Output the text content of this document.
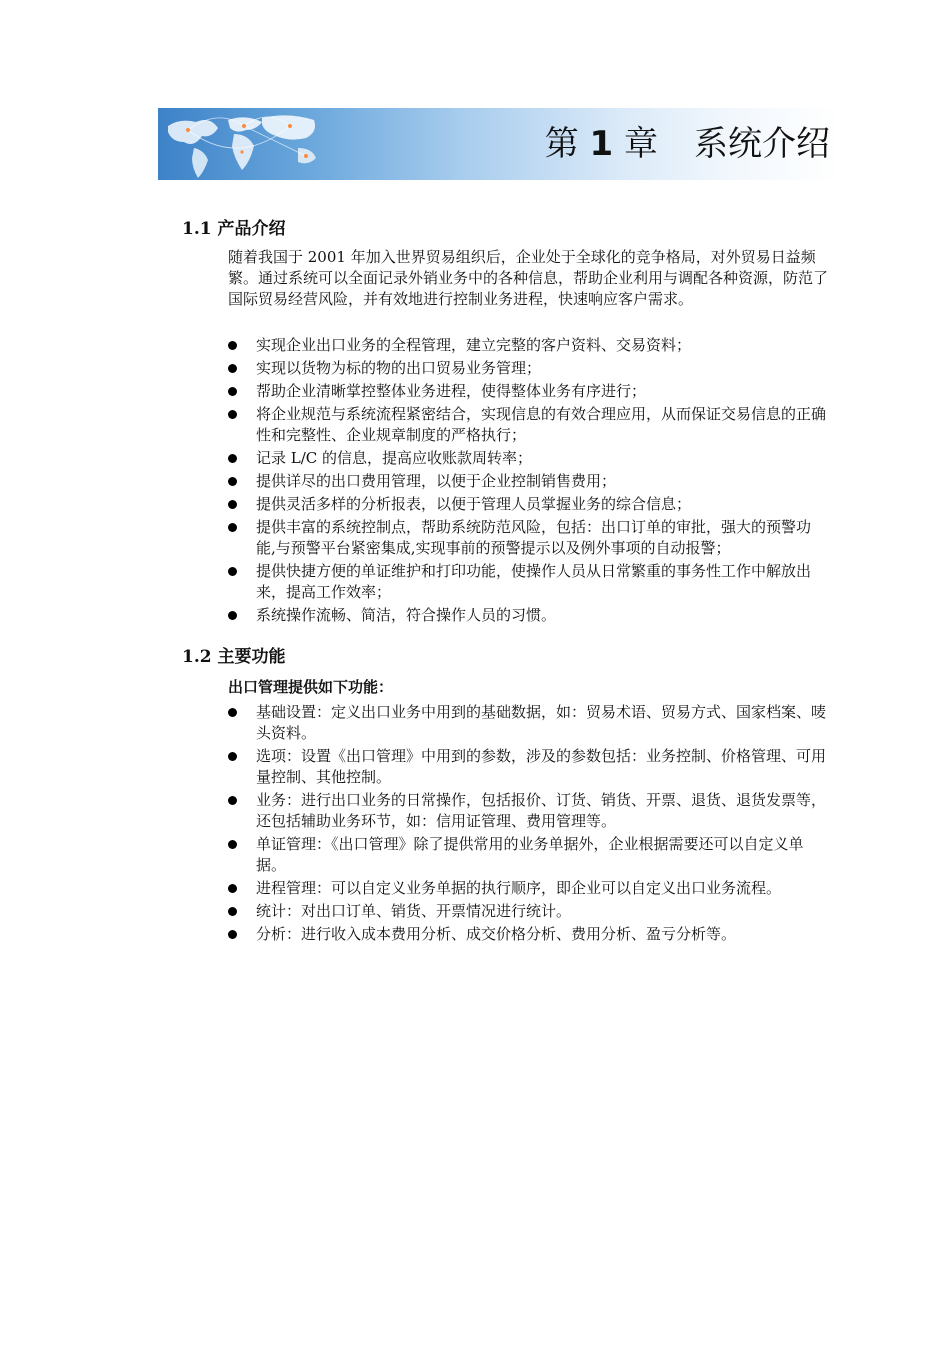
第 1 章 系统介绍
1.1 产品介绍

随着我国于 2001 年加入世界贸易组织后，企业处于全球化的竞争格局，对外贸易日益频繁。通过系统可以全面记录外销业务中的各种信息，帮助企业利用与调配各种资源，防范了国际贸易经营风险，并有效地进行控制业务进程，快速响应客户需求。

实现企业出口业务的全程管理，建立完整的客户资料、交易资料；
实现以货物为标的物的出口贸易业务管理；
帮助企业清晰掌控整体业务进程，使得整体业务有序进行；
将企业规范与系统流程紧密结合，实现信息的有效合理应用，从而保证交易信息的正确性和完整性、企业规章制度的严格执行；
记录 L/C 的信息，提高应收账款周转率；
提供详尽的出口费用管理，以便于企业控制销售费用；
提供灵活多样的分析报表，以便于管理人员掌握业务的综合信息；
提供丰富的系统控制点，帮助系统防范风险，包括：出口订单的审批，强大的预警功能,与预警平台紧密集成,实现事前的预警提示以及例外事项的自动报警；
提供快捷方便的单证维护和打印功能，使操作人员从日常繁重的事务性工作中解放出来，提高工作效率；
系统操作流畅、简洁，符合操作人员的习惯。
1.2 主要功能
出口管理提供如下功能：
基础设置：定义出口业务中用到的基础数据，如：贸易术语、贸易方式、国家档案、唛头资料。
选项：设置《出口管理》中用到的参数，涉及的参数包括：业务控制、价格管理、可用量控制、其他控制。
业务：进行出口业务的日常操作，包括报价、订货、销货、开票、退货、退货发票等，还包括辅助业务环节，如：信用证管理、费用管理等。
单证管理：《出口管理》除了提供常用的业务单据外，企业根据需要还可以自定义单据。
进程管理：可以自定义业务单据的执行顺序，即企业可以自定义出口业务流程。
统计：对出口订单、销货、开票情况进行统计。
分析：进行收入成本费用分析、成交价格分析、费用分析、盈亏分析等。
